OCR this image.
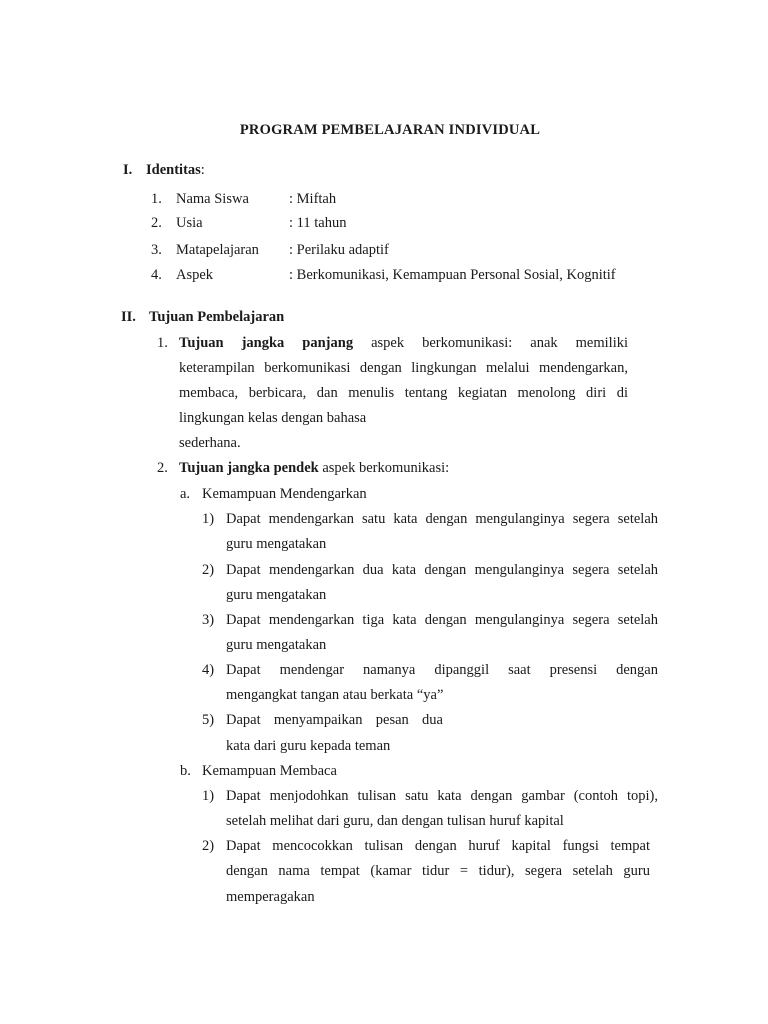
PROGRAM PEMBELAJARAN INDIVIDUAL
I. Identitas:
1. Nama Siswa	: Miftah
2. Usia	: 11 tahun
3. Matapelajaran : Perilaku adaptif
4. Aspek	: Berkomunikasi, Kemampuan Personal Sosial, Kognitif
II. Tujuan Pembelajaran
1. Tujuan jangka panjang aspek berkomunikasi: anak memiliki
keterampilan berkomunikasi dengan lingkungan melalui mendengarkan,
membaca, berbicara, dan menulis tentang kegiatan menolong diri di
lingkungan kelas dengan bahasa
sederhana.
2. Tujuan jangka pendek aspek berkomunikasi:
a. Kemampuan Mendengarkan
1) Dapat mendengarkan satu kata dengan mengulanginya segera setelah
guru mengatakan
2) Dapat mendengarkan dua kata dengan mengulanginya segera setelah
guru mengatakan
3) Dapat mendengarkan tiga kata dengan mengulanginya segera setelah
guru mengatakan
4) Dapat mendengar namanya dipanggil saat presensi dengan
mengangkat tangan atau berkata “ya”
5) Dapat menyampaikan pesan dua
kata dari guru kepada teman
b. Kemampuan Membaca
1) Dapat menjodohkan tulisan satu kata dengan gambar (contoh topi),
setelah melihat dari guru, dan dengan tulisan huruf kapital
2) Dapat mencocokkan tulisan dengan huruf kapital fungsi tempat
dengan nama tempat (kamar tidur = tidur), segera setelah guru
memperagakan
